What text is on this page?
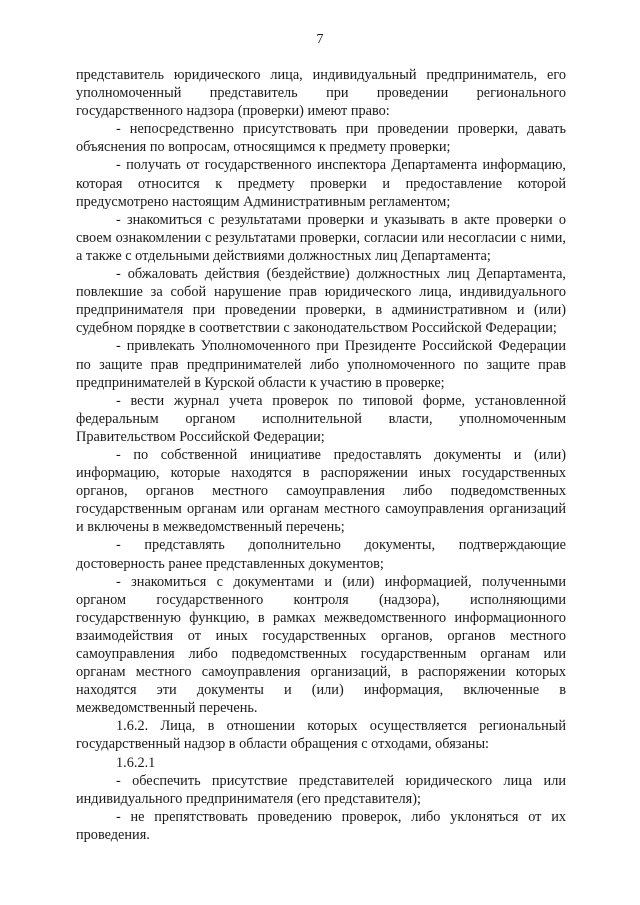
7

представитель юридического лица, индивидуальный предприниматель, его уполномоченный представитель при проведении регионального государственного надзора (проверки) имеют право:

- непосредственно присутствовать при проведении проверки, давать объяснения по вопросам, относящимся к предмету проверки;

- получать от государственного инспектора Департамента информацию, которая относится к предмету проверки и предоставление которой предусмотрено настоящим Административным регламентом;

- знакомиться с результатами проверки и указывать в акте проверки о своем ознакомлении с результатами проверки, согласии или несогласии с ними, а также с отдельными действиями должностных лиц Департамента;

- обжаловать действия (бездействие) должностных лиц Департамента, повлекшие за собой нарушение прав юридического лица, индивидуального предпринимателя при проведении проверки, в административном и (или) судебном порядке в соответствии с законодательством Российской Федерации;

- привлекать Уполномоченного при Президенте Российской Федерации по защите прав предпринимателей либо уполномоченного по защите прав предпринимателей в Курской области к участию в проверке;

- вести журнал учета проверок по типовой форме, установленной федеральным органом исполнительной власти, уполномоченным Правительством Российской Федерации;

- по собственной инициативе предоставлять документы и (или) информацию, которые находятся в распоряжении иных государственных органов, органов местного самоуправления либо подведомственных государственным органам или органам местного самоуправления организаций и включены в межведомственный перечень;

- представлять дополнительно документы, подтверждающие достоверность ранее представленных документов;

- знакомиться с документами и (или) информацией, полученными органом государственного контроля (надзора), исполняющими государственную функцию, в рамках межведомственного информационного взаимодействия от иных государственных органов, органов местного самоуправления либо подведомственных государственным органам или органам местного самоуправления организаций, в распоряжении которых находятся эти документы и (или) информация, включенные в межведомственный перечень.

1.6.2. Лица, в отношении которых осуществляется региональный государственный надзор в области обращения с отходами, обязаны:

1.6.2.1

- обеспечить присутствие представителей юридического лица или индивидуального предпринимателя (его представителя);

- не препятствовать проведению проверок, либо уклоняться от их проведения.
